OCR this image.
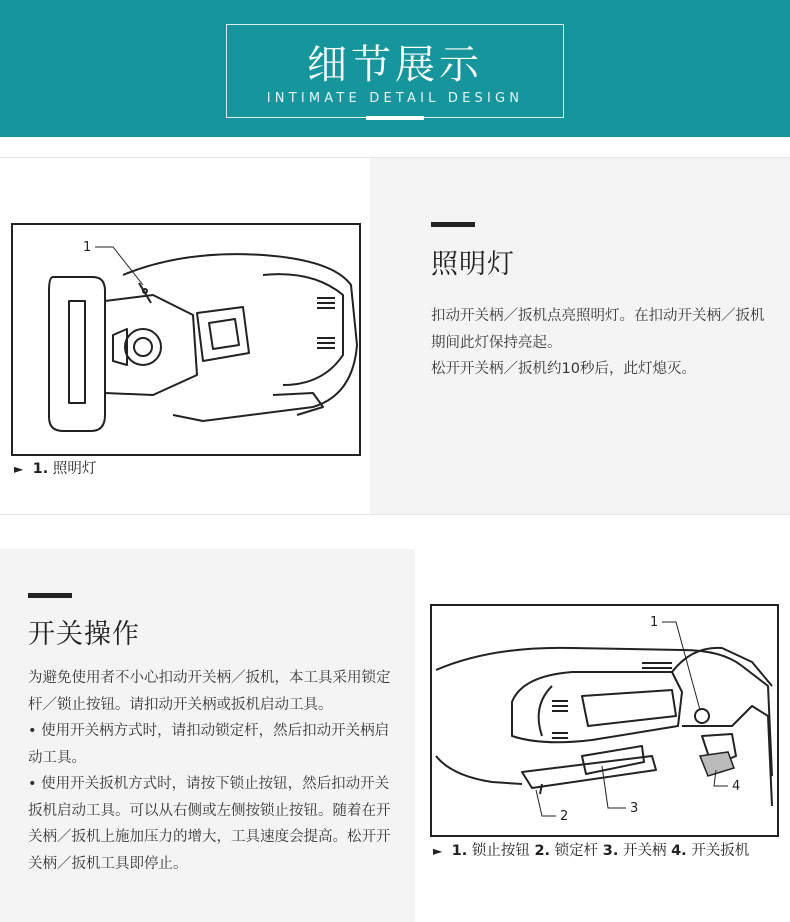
细节展示
INTIMATE DETAIL DESIGN
1
► 1. 照明灯
照明灯

扣动开关柄／扳机点亮照明灯。在扣动开关柄／扳机期间此灯保持亮起。

松开开关柄／扳机约10秒后，此灯熄灭。

开关操作

为避免使用者不小心扣动开关柄／扳机，本工具采用锁定杆／锁止按钮。请扣动开关柄或扳机启动工具。

• 使用开关柄方式时，请扣动锁定杆，然后扣动开关柄启动工具。

• 使用开关扳机方式时，请按下锁止按钮，然后扣动开关扳机启动工具。可以从右侧或左侧按锁止按钮。随着在开关柄／扳机上施加压力的增大，工具速度会提高。松开开关柄／扳机工具即停止。

1
2
3
4
► 1. 锁止按钮 2. 锁定杆 3. 开关柄 4. 开关扳机
